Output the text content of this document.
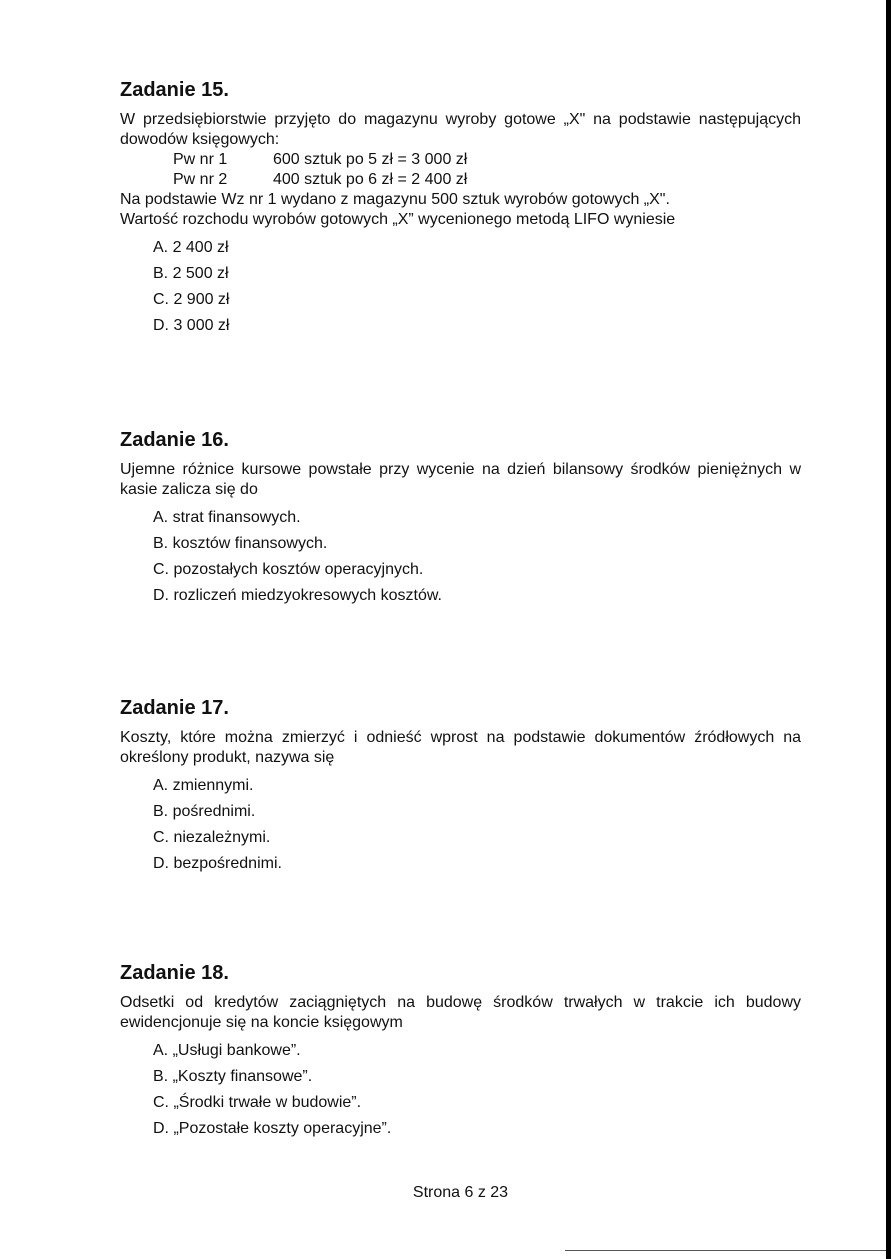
Zadanie 15.
W przedsiębiorstwie przyjęto do magazynu wyroby gotowe „X" na podstawie następujących dowodów księgowych:
Pw nr 1	600 sztuk po 5 zł = 3 000 zł
Pw nr 2	400 sztuk po 6 zł = 2 400 zł
Na podstawie Wz nr 1 wydano z magazynu 500 sztuk wyrobów gotowych „X".
Wartość rozchodu wyrobów gotowych „X” wycenionego metodą LIFO wyniesie
A. 2 400 zł
B. 2 500 zł
C. 2 900 zł
D. 3 000 zł
Zadanie 16.
Ujemne różnice kursowe powstałe przy wycenie na dzień bilansowy środków pieniężnych w kasie zalicza się do
A. strat finansowych.
B. kosztów finansowych.
C. pozostałych kosztów operacyjnych.
D. rozliczeń miedzyokresowych kosztów.
Zadanie 17.
Koszty, które można zmierzyć i odnieść wprost na podstawie dokumentów źródłowych na określony produkt, nazywa się
A. zmiennymi.
B. pośrednimi.
C. niezależnymi.
D. bezpośrednimi.
Zadanie 18.
Odsetki od kredytów zaciągniętych na budowę środków trwałych w trakcie ich budowy ewidencjonuje się na koncie księgowym
A. „Usługi bankowe”.
B. „Koszty finansowe”.
C. „Środki trwałe w budowie”.
D. „Pozostałe koszty operacyjne”.
Strona 6 z 23
